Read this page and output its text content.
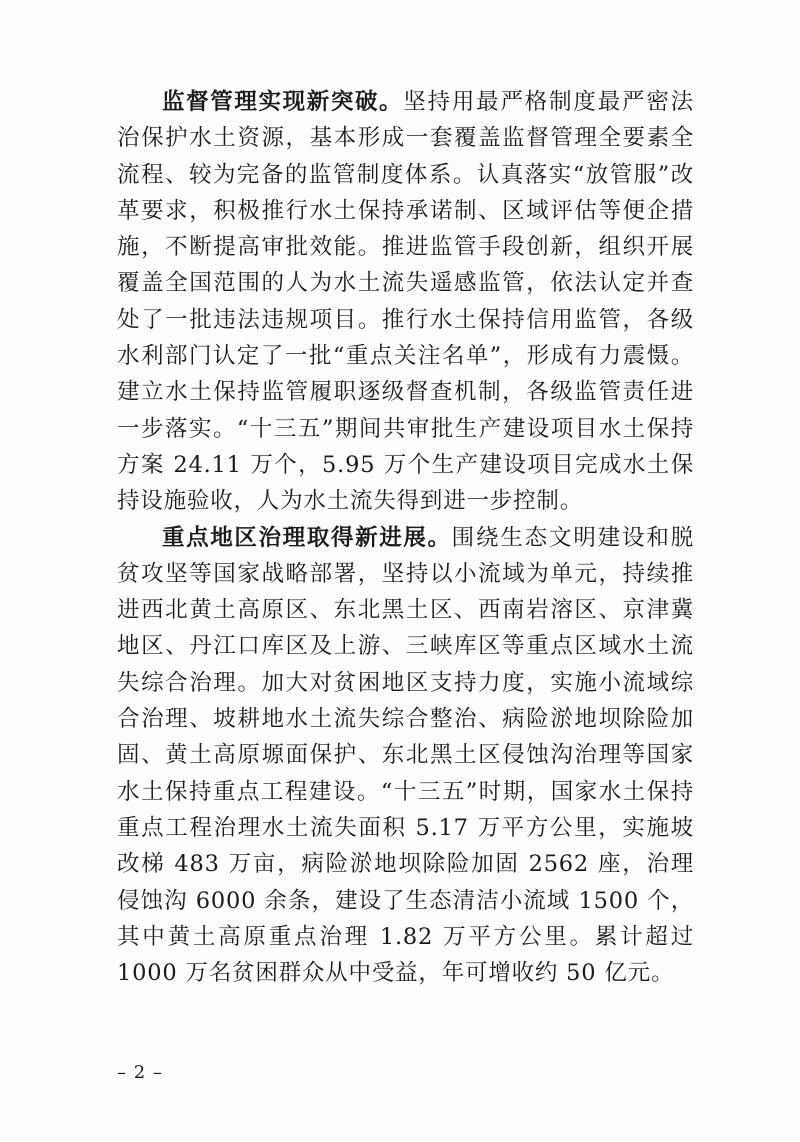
监督管理实现新突破。坚持用最严格制度最严密法治保护水土资源，基本形成一套覆盖监督管理全要素全流程、较为完备的监管制度体系。认真落实“放管服”改革要求，积极推行水土保持承诺制、区域评估等便企措施，不断提高审批效能。推进监管手段创新，组织开展覆盖全国范围的人为水土流失遥感监管，依法认定并查处了一批违法违规项目。推行水土保持信用监管，各级水利部门认定了一批“重点关注名单”，形成有力震慑。建立水土保持监管履职逐级督查机制，各级监管责任进一步落实。“十三五”期间共审批生产建设项目水土保持方案 24.11 万个，5.95 万个生产建设项目完成水土保持设施验收，人为水土流失得到进一步控制。

重点地区治理取得新进展。围绕生态文明建设和脱贫攻坚等国家战略部署，坚持以小流域为单元，持续推进西北黄土高原区、东北黑土区、西南岩溶区、京津冀地区、丹江口库区及上游、三峡库区等重点区域水土流失综合治理。加大对贫困地区支持力度，实施小流域综合治理、坡耕地水土流失综合整治、病险淤地坝除险加固、黄土高原塬面保护、东北黑土区侵蚀沟治理等国家水土保持重点工程建设。“十三五”时期，国家水土保持重点工程治理水土流失面积 5.17 万平方公里，实施坡改梯 483 万亩，病险淤地坝除险加固 2562 座，治理侵蚀沟 6000 余条，建设了生态清洁小流域 1500 个，其中黄土高原重点治理 1.82 万平方公里。累计超过 1000 万名贫困群众从中受益，年可增收约 50 亿元。

– 2 –
